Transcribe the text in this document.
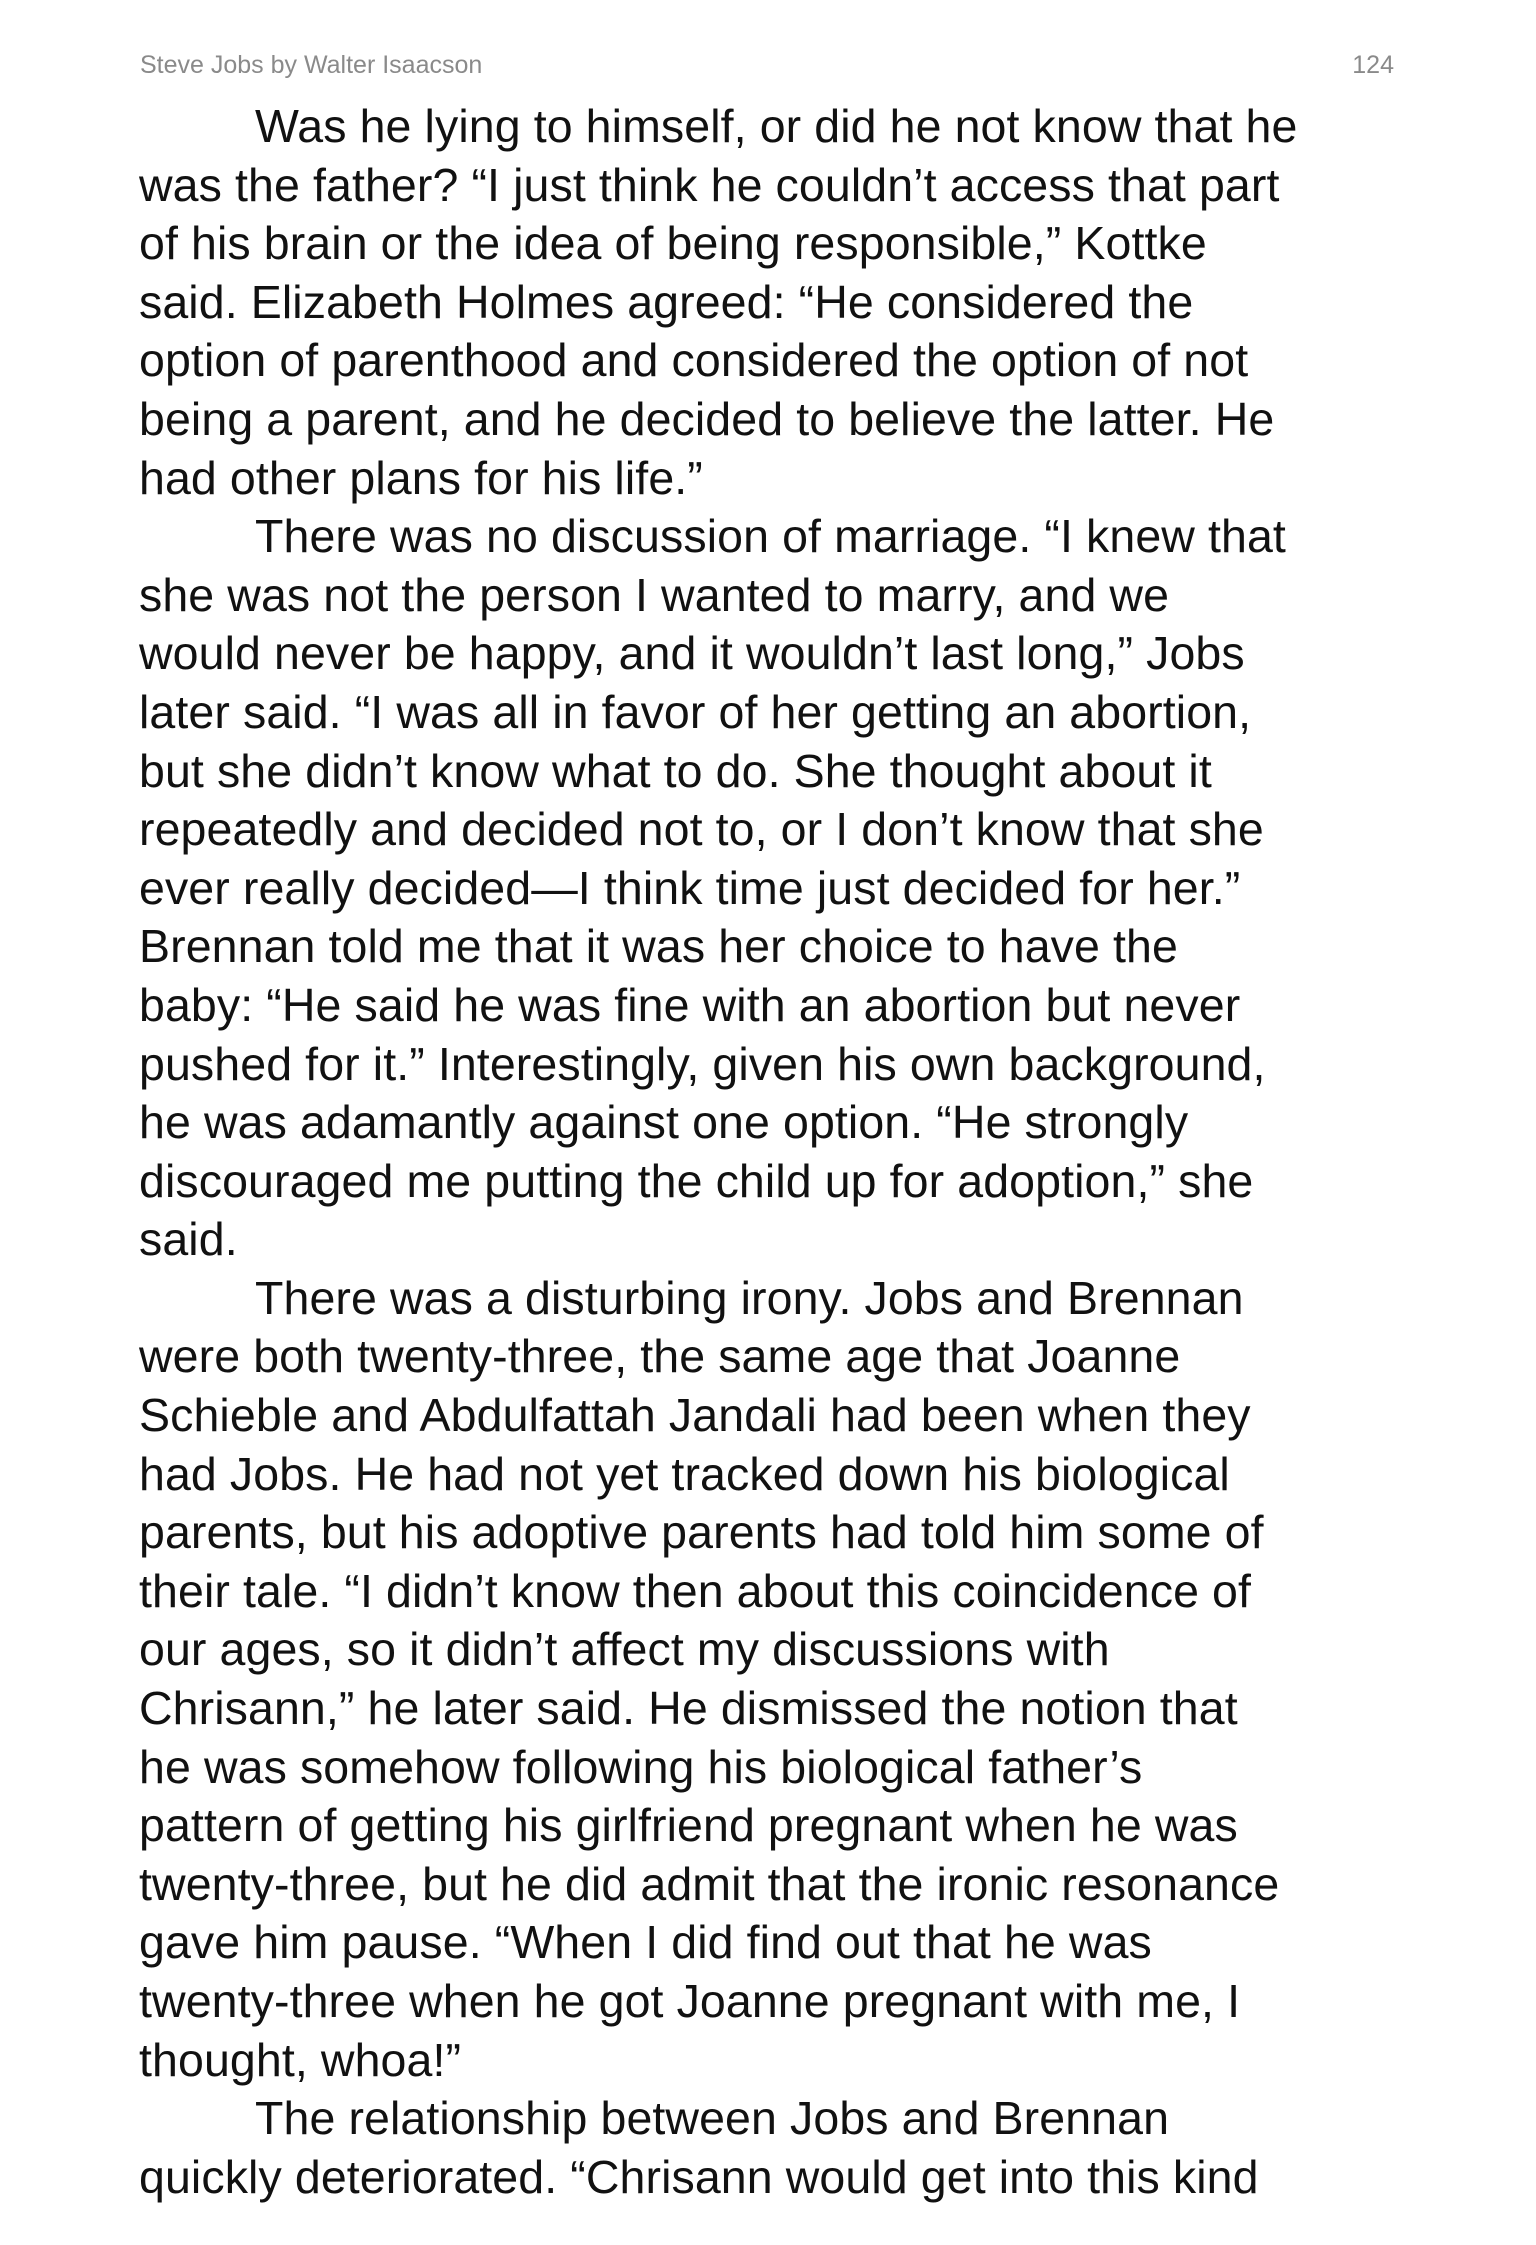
Steve Jobs by Walter Isaacson	124

Was he lying to himself, or did he not know that he
was the father? “I just think he couldn’t access that part
of his brain or the idea of being responsible,” Kottke
said. Elizabeth Holmes agreed: “He considered the
option of parenthood and considered the option of not
being a parent, and he decided to believe the latter. He
had other plans for his life.”

There was no discussion of marriage. “I knew that
she was not the person I wanted to marry, and we
would never be happy, and it wouldn’t last long,” Jobs
later said. “I was all in favor of her getting an abortion,
but she didn’t know what to do. She thought about it
repeatedly and decided not to, or I don’t know that she
ever really decided—I think time just decided for her.”
Brennan told me that it was her choice to have the
baby: “He said he was fine with an abortion but never
pushed for it.” Interestingly, given his own background,
he was adamantly against one option. “He strongly
discouraged me putting the child up for adoption,” she
said.

There was a disturbing irony. Jobs and Brennan
were both twenty-three, the same age that Joanne
Schieble and Abdulfattah Jandali had been when they
had Jobs. He had not yet tracked down his biological
parents, but his adoptive parents had told him some of
their tale. “I didn’t know then about this coincidence of
our ages, so it didn’t affect my discussions with
Chrisann,” he later said. He dismissed the notion that
he was somehow following his biological father’s
pattern of getting his girlfriend pregnant when he was
twenty-three, but he did admit that the ironic resonance
gave him pause. “When I did find out that he was
twenty-three when he got Joanne pregnant with me, I
thought, whoa!”

The relationship between Jobs and Brennan
quickly deteriorated. “Chrisann would get into this kind
